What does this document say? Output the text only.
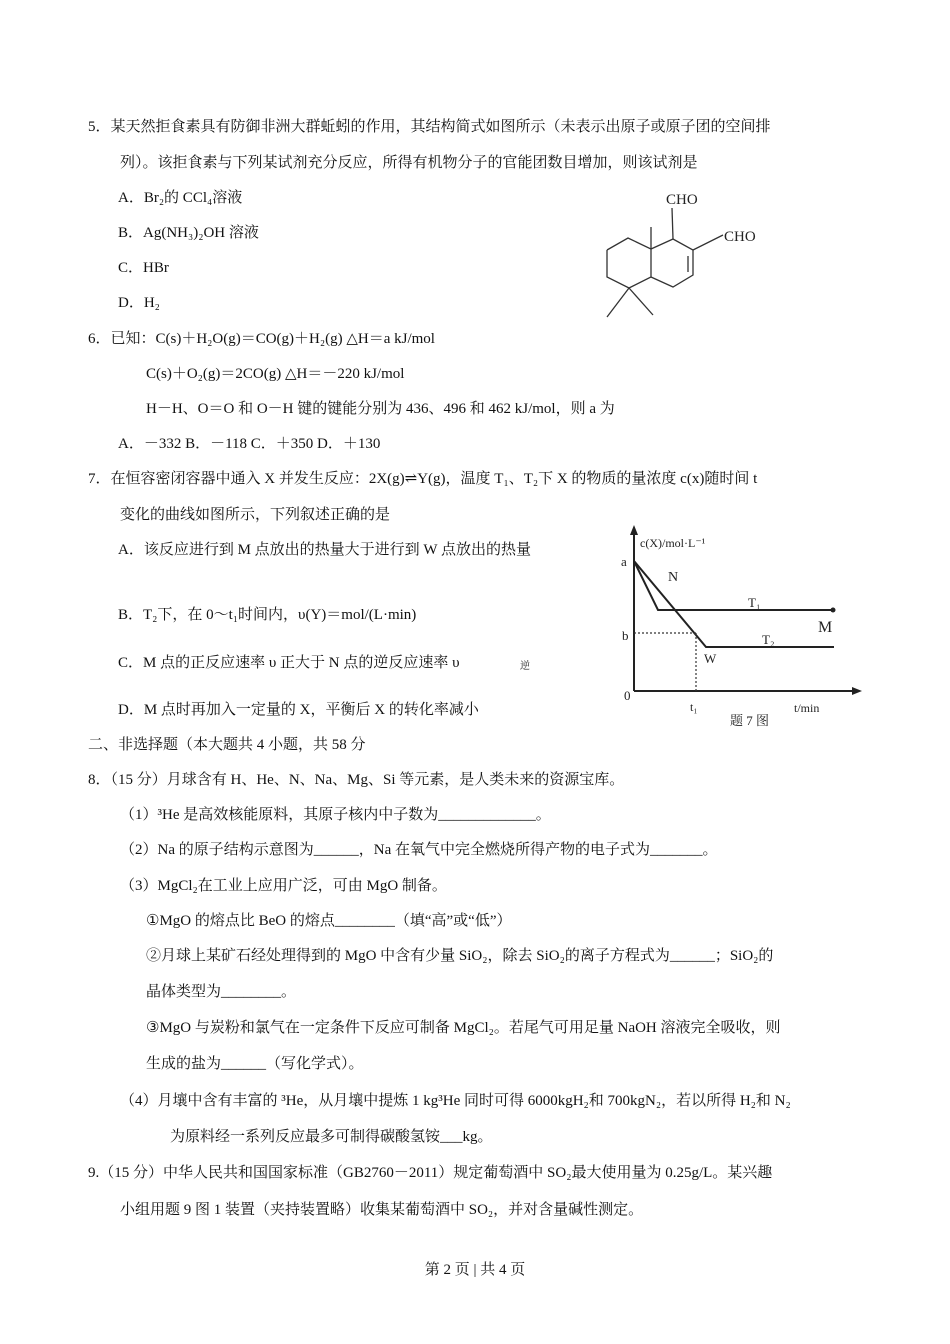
5．某天然拒食素具有防御非洲大群蚯蚓的作用，其结构简式如图所示（未表示出原子或原子团的空间排
列）。该拒食素与下列某试剂充分反应，所得有机物分子的官能团数目增加，则该试剂是
A．Br₂的 CCl₄溶液
B．Ag(NH₃)₂OH 溶液
C．HBr
D．H₂
CHO
CHO
6．已知：C(s)＋H₂O(g)＝CO(g)＋H₂(g) △H＝a kJ/mol
C(s)＋O₂(g)＝2CO(g) △H＝－220 kJ/mol
H－H、O＝O 和 O－H 键的键能分别为 436、496 和 462 kJ/mol，则 a 为
A．－332 B．－118 C．＋350 D．＋130
7．在恒容密闭容器中通入 X 并发生反应：2X(g)⇌Y(g)，温度 T₁、T₂下 X 的物质的量浓度 c(x)随时间 t
变化的曲线如图所示，下列叙述正确的是
A．该反应进行到 M 点放出的热量大于进行到 W 点放出的热量
B．T₂下，在 0～t₁时间内，υ(Y)＝mol/(L·min)
C．M 点的正反应速率 υ 正大于 N 点的逆反应速率 υ	逆
D．M 点时再加入一定量的 X，平衡后 X 的转化率减小
c(X)/mol·L⁻¹
a
N
T₁
M
b	T₂
W
0
t₁	t/min
题 7 图
二、非选择题（本大题共 4 小题，共 58 分
8．（15 分）月球含有 H、He、N、Na、Mg、Si 等元素，是人类未来的资源宝库。
（1）³He 是高效核能原料，其原子核内中子数为_____________。
（2）Na 的原子结构示意图为______，Na 在氧气中完全燃烧所得产物的电子式为_______。
（3）MgCl₂在工业上应用广泛，可由 MgO 制备。
①MgO 的熔点比 BeO 的熔点________（填“高”或“低”）
②月球上某矿石经处理得到的 MgO 中含有少量 SiO₂，除去 SiO₂的离子方程式为______；SiO₂的
晶体类型为________。
③MgO 与炭粉和氯气在一定条件下反应可制备 MgCl₂。若尾气可用足量 NaOH 溶液完全吸收，则
生成的盐为______（写化学式）。
（4）月壤中含有丰富的 ³He，从月壤中提炼 1 kg³He 同时可得 6000kgH₂和 700kgN₂，若以所得 H₂和 N₂
为原料经一系列反应最多可制得碳酸氢铵___kg。
9.（15 分）中华人民共和国国家标准（GB2760－2011）规定葡萄酒中 SO₂最大使用量为 0.25g/L。某兴趣
小组用题 9 图 1 装置（夹持装置略）收集某葡萄酒中 SO₂，并对含量碱性测定。
第 2 页 | 共 4 页
